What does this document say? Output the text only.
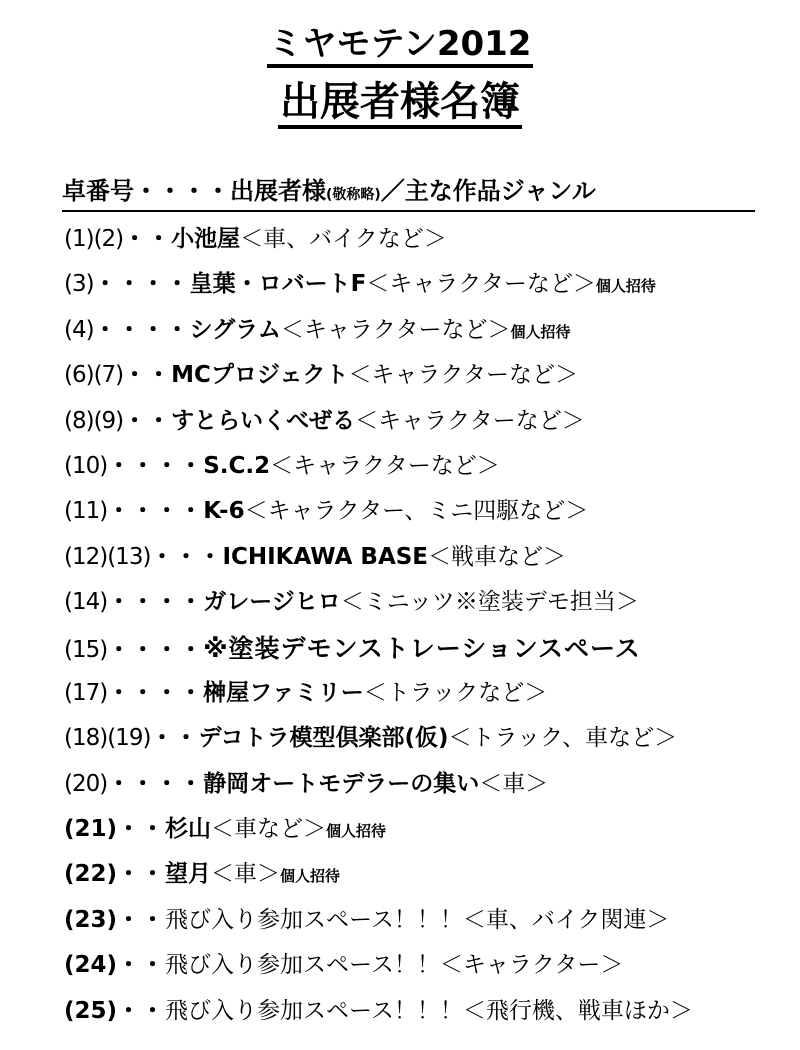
ミヤモテン2012
出展者様名簿
卓番号・・・・出展者様(敬称略)／主な作品ジャンル
(1)(2)・・小池屋＜車、バイクなど＞
(3)・・・・皇葉・ロバートF＜キャラクターなど＞個人招待
(4)・・・・シグラム＜キャラクターなど＞個人招待
(6)(7)・・MCプロジェクト＜キャラクターなど＞
(8)(9)・・すとらいくべぜる＜キャラクターなど＞
(10)・・・・S.C.2＜キャラクターなど＞
(11)・・・・K-6＜キャラクター、ミニ四駆など＞
(12)(13)・・・ICHIKAWA BASE＜戦車など＞
(14)・・・・ガレージヒロ＜ミニッツ※塗装デモ担当＞
(15)・・・・※塗装デモンストレーションスペース
(17)・・・・榊屋ファミリー＜トラックなど＞
(18)(19)・・デコトラ模型倶楽部(仮)＜トラック、車など＞
(20)・・・・静岡オートモデラーの集い＜車＞
(21)・・杉山＜車など＞個人招待
(22)・・望月＜車＞個人招待
(23)・・飛び入り参加スペース！！！＜車、バイク関連＞
(24)・・飛び入り参加スペース！！＜キャラクター＞
(25)・・飛び入り参加スペース！！！＜飛行機、戦車ほか＞
